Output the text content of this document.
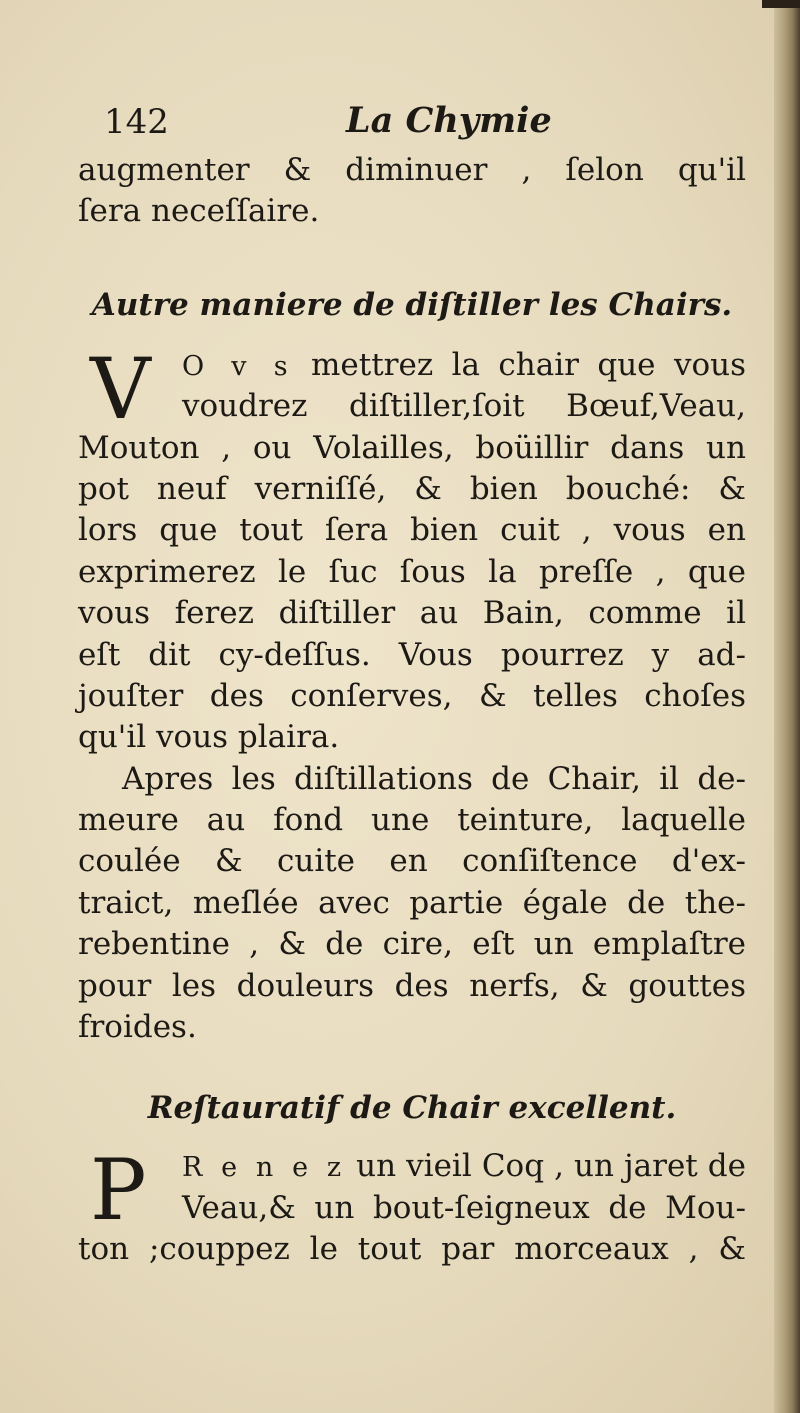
142	La Chymie
augmenter & diminuer , ſelon qu'il
ſera neceſſaire.
Autre maniere de diſtiller les Chairs.
V	O v s mettrez la chair que vous
voudrez diſtiller,ſoit Bœuf,Veau,
Mouton , ou Volailles, boüillir dans un
pot neuf verniſſé, & bien bouché: &
lors que tout ſera bien cuit , vous en
exprimerez le ſuc ſous la preſſe , que
vous ferez diſtiller au Bain, comme il
eſt dit cy-deſſus. Vous pourrez y ad-
jouſter des conſerves, & telles choſes
qu'il vous plaira.
Apres les diſtillations de Chair, il de-
meure au fond une teinture, laquelle
coulée & cuite en conſiſtence d'ex-
traict, meſlée avec partie égale de the-
rebentine , & de cire, eſt un emplaſtre
pour les douleurs des nerfs, & gouttes
froides.
Reſtauratif de Chair excellent.
P	R e n e z un vieil Coq , un jaret de
Veau,& un bout-ſeigneux de Mou-
ton ;couppez le tout par morceaux , &
